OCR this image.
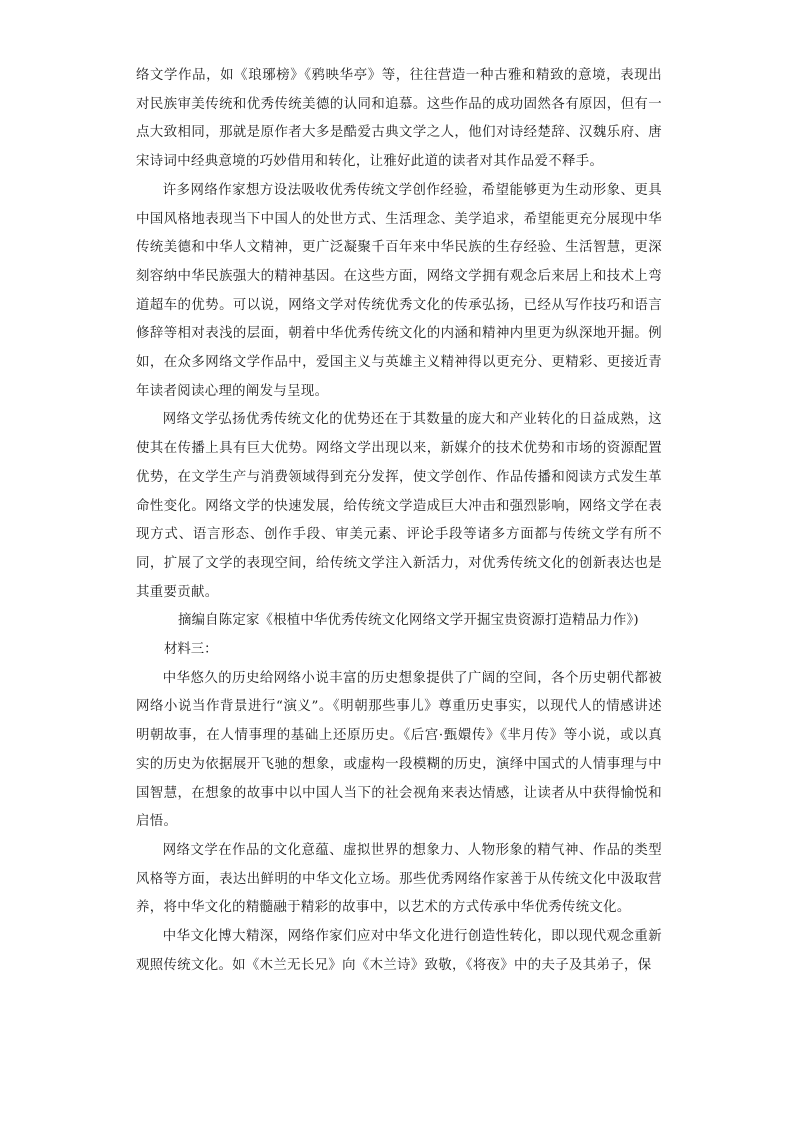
络文学作品，如《琅琊榜》《鸦映华亭》等，往往营造一种古雅和精致的意境，表现出对民族审美传统和优秀传统美德的认同和追慕。这些作品的成功固然各有原因，但有一点大致相同，那就是原作者大多是酷爱古典文学之人，他们对诗经楚辞、汉魏乐府、唐宋诗词中经典意境的巧妙借用和转化，让雅好此道的读者对其作品爱不释手。

许多网络作家想方设法吸收优秀传统文学创作经验，希望能够更为生动形象、更具中国风格地表现当下中国人的处世方式、生活理念、美学追求，希望能更充分展现中华传统美德和中华人文精神，更广泛凝聚千百年来中华民族的生存经验、生活智慧，更深刻容纳中华民族强大的精神基因。在这些方面，网络文学拥有观念后来居上和技术上弯道超车的优势。可以说，网络文学对传统优秀文化的传承弘扬，已经从写作技巧和语言修辞等相对表浅的层面，朝着中华优秀传统文化的内涵和精神内里更为纵深地开掘。例如，在众多网络文学作品中，爱国主义与英雄主义精神得以更充分、更精彩、更接近青年读者阅读心理的阐发与呈现。

网络文学弘扬优秀传统文化的优势还在于其数量的庞大和产业转化的日益成熟，这使其在传播上具有巨大优势。网络文学出现以来，新媒介的技术优势和市场的资源配置优势，在文学生产与消费领域得到充分发挥，使文学创作、作品传播和阅读方式发生革命性变化。网络文学的快速发展，给传统文学造成巨大冲击和强烈影响，网络文学在表现方式、语言形态、创作手段、审美元素、评论手段等诸多方面都与传统文学有所不同，扩展了文学的表现空间，给传统文学注入新活力，对优秀传统文化的创新表达也是其重要贡献。

摘编自陈定家《根植中华优秀传统文化网络文学开掘宝贵资源打造精品力作》)

材料三：

中华悠久的历史给网络小说丰富的历史想象提供了广阔的空间，各个历史朝代都被网络小说当作背景进行“演义”。《明朝那些事儿》尊重历史事实，以现代人的情感讲述明朝故事，在人情事理的基础上还原历史。《后宫·甄嬛传》《芈月传》等小说，或以真实的历史为依据展开飞驰的想象，或虚构一段模糊的历史，演绎中国式的人情事理与中国智慧，在想象的故事中以中国人当下的社会视角来表达情感，让读者从中获得愉悦和启悟。

网络文学在作品的文化意蕴、虚拟世界的想象力、人物形象的精气神、作品的类型风格等方面，表达出鲜明的中华文化立场。那些优秀网络作家善于从传统文化中汲取营养，将中华文化的精髓融于精彩的故事中，以艺术的方式传承中华优秀传统文化。

中华文化博大精深，网络作家们应对中华文化进行创造性转化，即以现代观念重新观照传统文化。如《木兰无长兄》向《木兰诗》致敬，《将夜》中的夫子及其弟子，保
